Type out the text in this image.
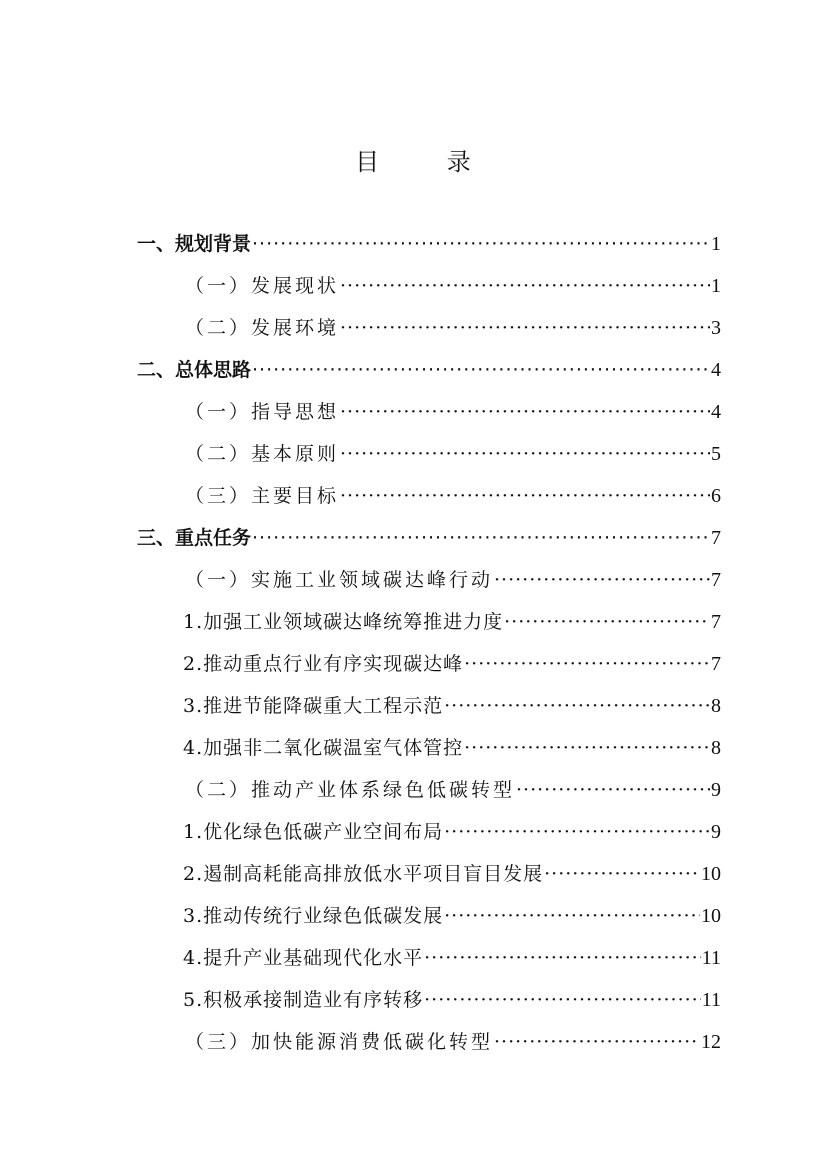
目 录
一、规划背景 ·····	1
（一）发展现状 ·····	1
（二）发展环境 ·····	3
二、总体思路 ·····	4
（一）指导思想 ·····	4
（二）基本原则 ·····	5
（三）主要目标 ·····	6
三、重点任务 ·····	7
（一）实施工业领域碳达峰行动 ·····	7
1.加强工业领域碳达峰统筹推进力度 ·····	7
2.推动重点行业有序实现碳达峰 ·····	7
3.推进节能降碳重大工程示范 ·····	8
4.加强非二氧化碳温室气体管控 ·····	8
（二）推动产业体系绿色低碳转型 ·····	9
1.优化绿色低碳产业空间布局 ·····	9
2.遏制高耗能高排放低水平项目盲目发展 ·····	10
3.推动传统行业绿色低碳发展 ·····	10
4.提升产业基础现代化水平 ·····	11
5.积极承接制造业有序转移 ·····	11
（三）加快能源消费低碳化转型 ·····	12
